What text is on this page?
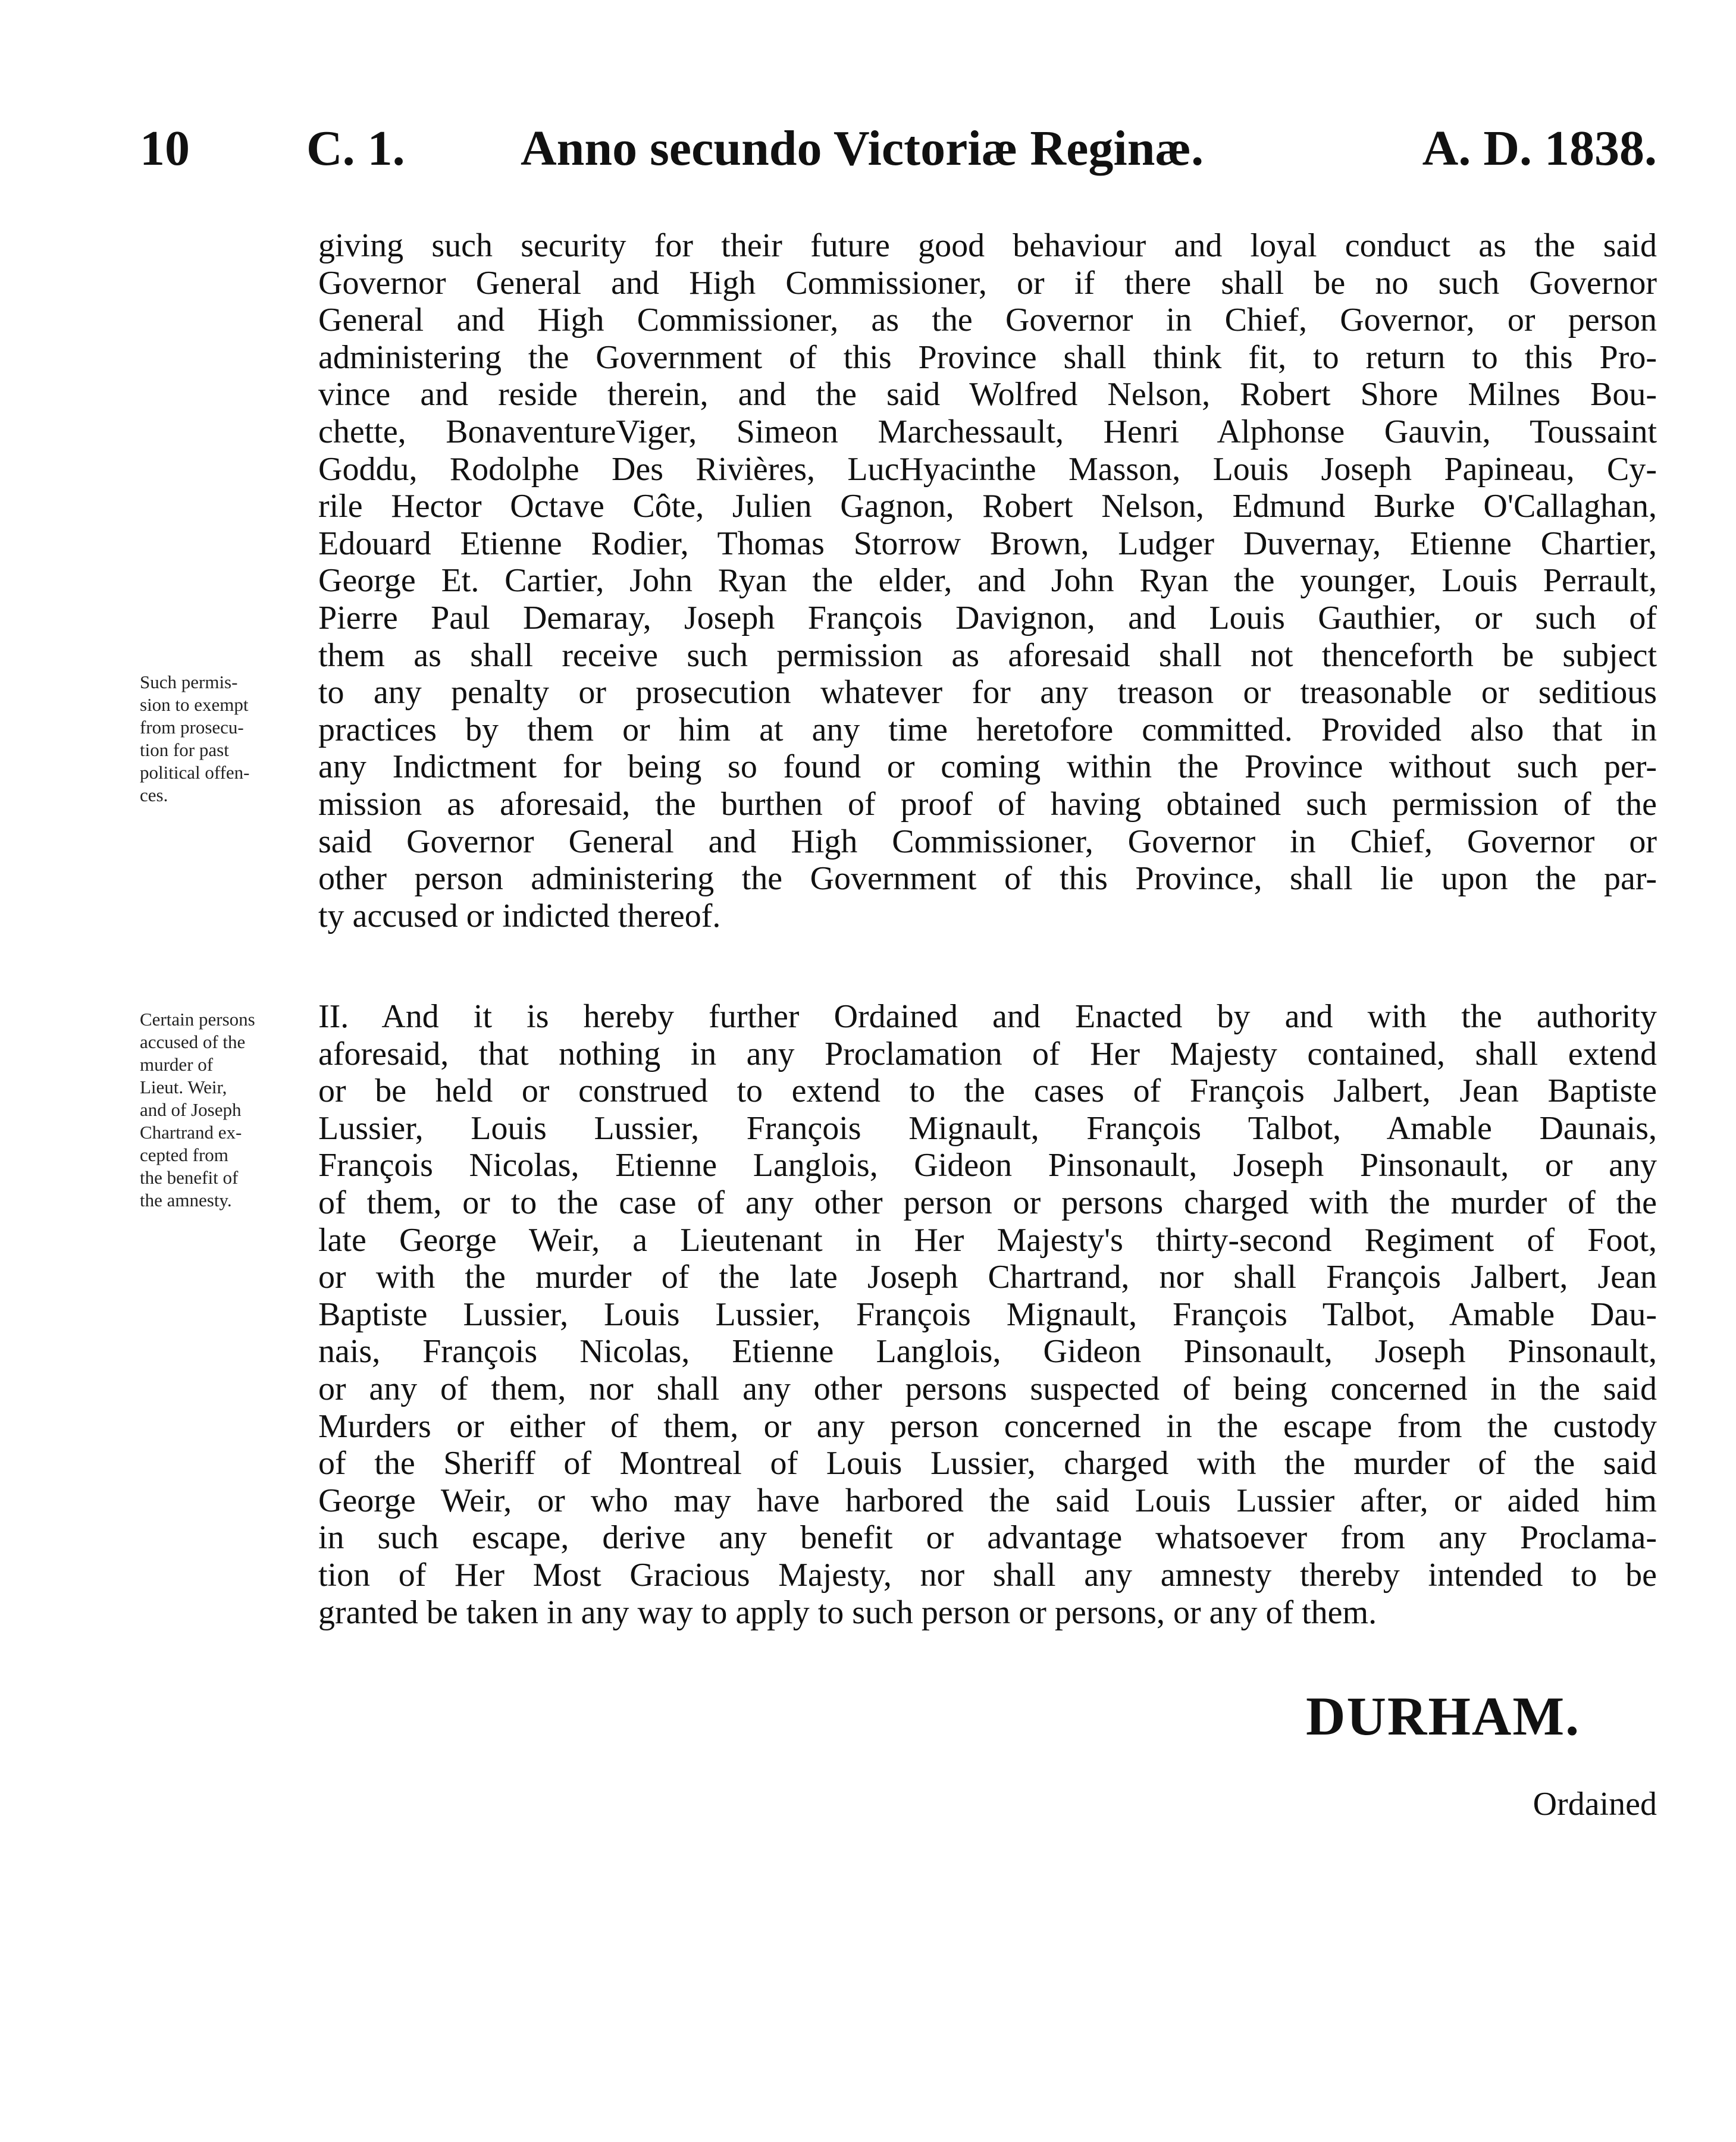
10 C. 1. Anno secundo Victoriæ Reginæ.	A. D. 1838.
giving such security for their future good behaviour and loyal conduct as the said
Governor General and High Commissioner, or if there shall be no such Governor
General and High Commissioner, as the Governor in Chief, Governor, or person
administering the Government of this Province shall think fit, to return to this Pro-
vince and reside therein, and the said Wolfred Nelson, Robert Shore Milnes Bou-
chette, BonaventureViger, Simeon Marchessault, Henri Alphonse Gauvin, Toussaint
Goddu, Rodolphe Des Rivières, LucHyacinthe Masson, Louis Joseph Papineau, Cy-
rile Hector Octave Côte, Julien Gagnon, Robert Nelson, Edmund Burke O'Callaghan,
Edouard Etienne Rodier, Thomas Storrow Brown, Ludger Duvernay, Etienne Chartier,
George Et. Cartier, John Ryan the elder, and John Ryan the younger, Louis Perrault,
Pierre Paul Demaray, Joseph François Davignon, and Louis Gauthier, or such of
them as shall receive such permission as aforesaid shall not thenceforth be subject
to any penalty or prosecution whatever for any treason or treasonable or seditious
practices by them or him at any time heretofore committed. Provided also that in
any Indictment for being so found or coming within the Province without such per-
mission as aforesaid, the burthen of proof of having obtained such permission of the
said Governor General and High Commissioner, Governor in Chief, Governor or
other person administering the Government of this Province, shall lie upon the par-
ty accused or indicted thereof.
Such permis-
sion to exempt
from prosecu-
tion for past
political offen-
ces.
II. And it is hereby further Ordained and Enacted by and with the authority
aforesaid, that nothing in any Proclamation of Her Majesty contained, shall extend
or be held or construed to extend to the cases of François Jalbert, Jean Baptiste
Lussier, Louis Lussier, François Mignault, François Talbot, Amable Daunais,
François Nicolas, Etienne Langlois, Gideon Pinsonault, Joseph Pinsonault, or any
of them, or to the case of any other person or persons charged with the murder of the
late George Weir, a Lieutenant in Her Majesty's thirty-second Regiment of Foot,
or with the murder of the late Joseph Chartrand, nor shall François Jalbert, Jean
Baptiste Lussier, Louis Lussier, François Mignault, François Talbot, Amable Dau-
nais, François Nicolas, Etienne Langlois, Gideon Pinsonault, Joseph Pinsonault,
or any of them, nor shall any other persons suspected of being concerned in the said
Murders or either of them, or any person concerned in the escape from the custody
of the Sheriff of Montreal of Louis Lussier, charged with the murder of the said
George Weir, or who may have harbored the said Louis Lussier after, or aided him
in such escape, derive any benefit or advantage whatsoever from any Proclama-
tion of Her Most Gracious Majesty, nor shall any amnesty thereby intended to be
granted be taken in any way to apply to such person or persons, or any of them.
Certain persons
accused of the
murder of
Lieut. Weir,
and of Joseph
Chartrand ex-
cepted from
the benefit of
the amnesty.
DURHAM.
Ordained
